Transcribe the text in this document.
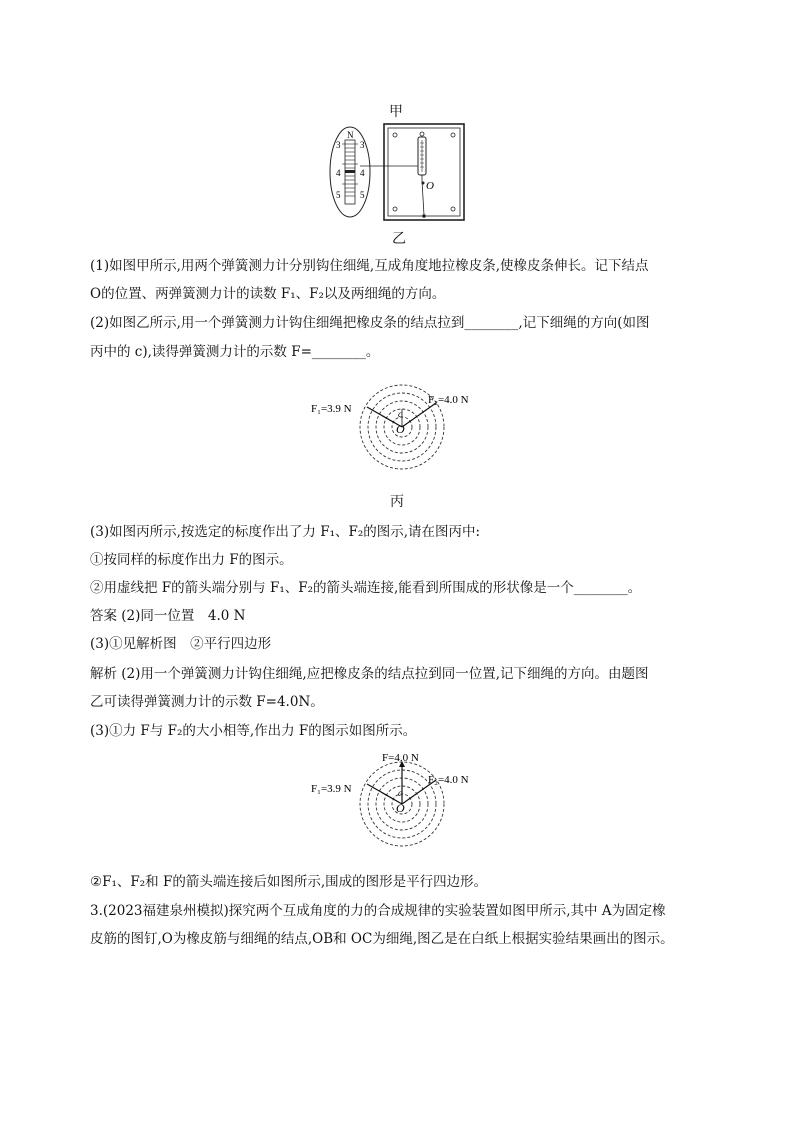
甲
O
N
3
4
5
3
4
5
乙
(1)如图甲所示,用两个弹簧测力计分别钩住细绳,互成角度地拉橡皮条,使橡皮条伸长。记下结点
O的位置、两弹簧测力计的读数 F₁、F₂以及两细绳的方向。
(2)如图乙所示,用一个弹簧测力计钩住细绳把橡皮条的结点拉到________,记下细绳的方向(如图
丙中的 c),读得弹簧测力计的示数 F=________。
F₁=3.9 N
F₂=4.0 N
c
O
丙
(3)如图丙所示,按选定的标度作出了力 F₁、F₂的图示,请在图丙中:
①按同样的标度作出力 F的图示。
②用虚线把 F的箭头端分别与 F₁、F₂的箭头端连接,能看到所围成的形状像是一个________。
答案 (2)同一位置　4.0 N
(3)①见解析图　②平行四边形
解析 (2)用一个弹簧测力计钩住细绳,应把橡皮条的结点拉到同一位置,记下细绳的方向。由题图
乙可读得弹簧测力计的示数 F=4.0N。
(3)①力 F与 F₂的大小相等,作出力 F的图示如图所示。
F=4.0 N
F₁=3.9 N
F₂=4.0 N
c
O
②F₁、F₂和 F的箭头端连接后如图所示,围成的图形是平行四边形。
3.(2023福建泉州模拟)探究两个互成角度的力的合成规律的实验装置如图甲所示,其中 A为固定橡
皮筋的图钉,O为橡皮筋与细绳的结点,OB和 OC为细绳,图乙是在白纸上根据实验结果画出的图示。
